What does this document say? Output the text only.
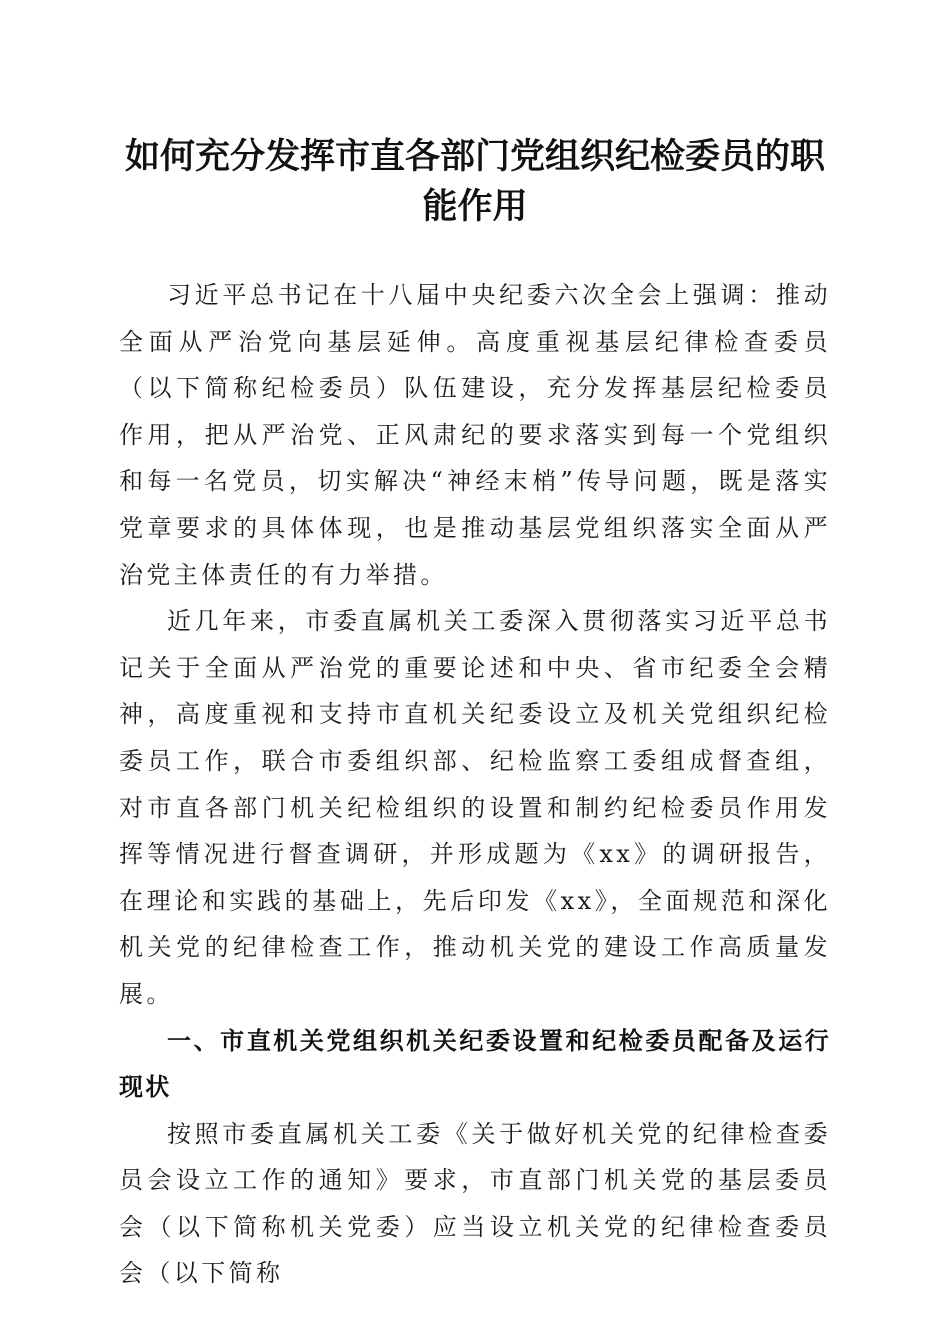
如何充分发挥市直各部门党组织纪检委员的职能作用

习近平总书记在十八届中央纪委六次全会上强调：推动全面从严治党向基层延伸。高度重视基层纪律检查委员（以下简称纪检委员）队伍建设，充分发挥基层纪检委员作用，把从严治党、正风肃纪的要求落实到每一个党组织和每一名党员，切实解决“神经末梢”传导问题，既是落实党章要求的具体体现，也是推动基层党组织落实全面从严治党主体责任的有力举措。

近几年来，市委直属机关工委深入贯彻落实习近平总书记关于全面从严治党的重要论述和中央、省市纪委全会精神，高度重视和支持市直机关纪委设立及机关党组织纪检委员工作，联合市委组织部、纪检监察工委组成督查组，对市直各部门机关纪检组织的设置和制约纪检委员作用发挥等情况进行督查调研，并形成题为《xx》的调研报告，在理论和实践的基础上，先后印发《xx》，全面规范和深化机关党的纪律检查工作，推动机关党的建设工作高质量发展。

一、市直机关党组织机关纪委设置和纪检委员配备及运行现状

按照市委直属机关工委《关于做好机关党的纪律检查委员会设立工作的通知》要求，市直部门机关党的基层委员会（以下简称机关党委）应当设立机关党的纪律检查委员会（以下简称
